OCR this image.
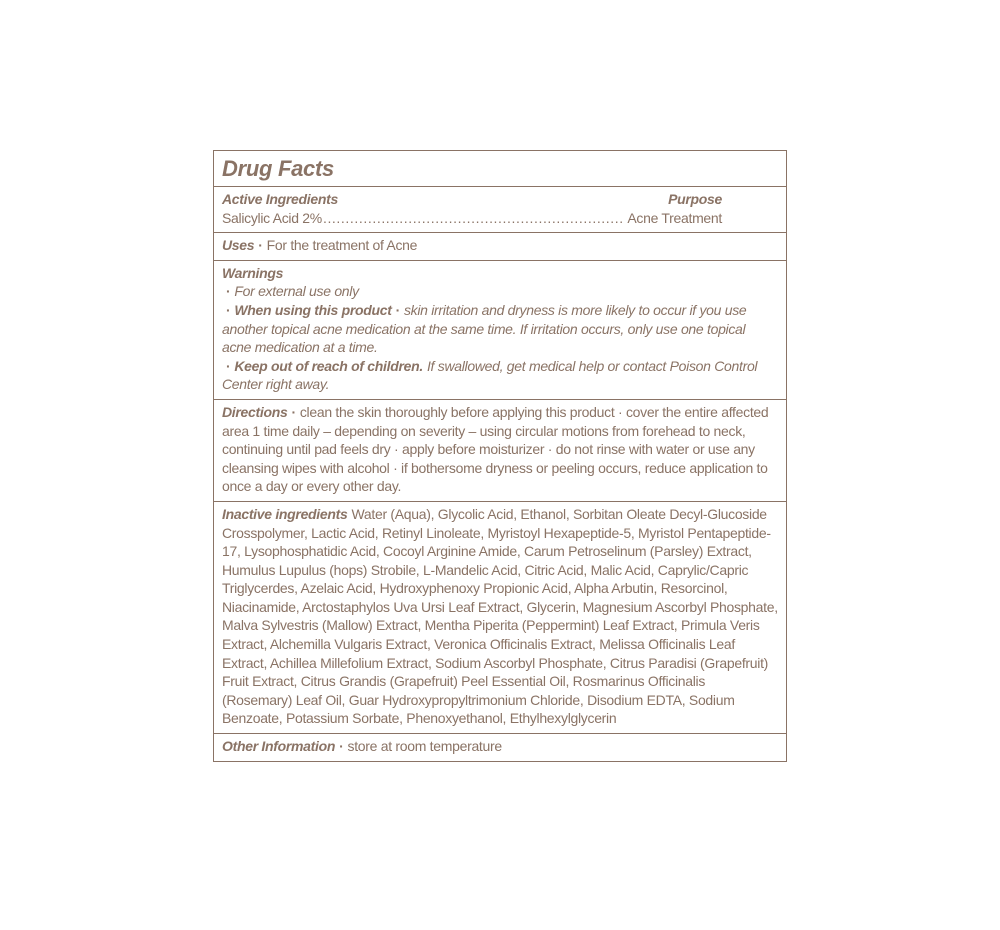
Drug Facts
Active Ingredients	Purpose
Salicylic Acid 2% .....	Acne Treatment
Uses · For the treatment of Acne
Warnings

· For external use only

· When using this product · skin irritation and dryness is more likely to occur if you use another topical acne medication at the same time. If irritation occurs, only use one topical acne medication at a time.

· Keep out of reach of children. If swallowed, get medical help or contact Poison Control Center right away.

Directions · clean the skin thoroughly before applying this product · cover the entire affected area 1 time daily – depending on severity – using circular motions from forehead to neck, continuing until pad feels dry · apply before moisturizer · do not rinse with water or use any cleansing wipes with alcohol · if bothersome dryness or peeling occurs, reduce application to once a day or every other day.

Inactive ingredients Water (Aqua), Glycolic Acid, Ethanol, Sorbitan Oleate Decyl-Glucoside Crosspolymer, Lactic Acid, Retinyl Linoleate, Myristoyl Hexapeptide-5, Myristol Pentapeptide-17, Lysophosphatidic Acid, Cocoyl Arginine Amide, Carum Petroselinum (Parsley) Extract, Humulus Lupulus (hops) Strobile, L-Mandelic Acid, Citric Acid, Malic Acid, Caprylic/Capric Triglycerdes, Azelaic Acid, Hydroxyphenoxy Propionic Acid, Alpha Arbutin, Resorcinol, Niacinamide, Arctostaphylos Uva Ursi Leaf Extract, Glycerin, Magnesium Ascorbyl Phosphate, Malva Sylvestris (Mallow) Extract, Mentha Piperita (Peppermint) Leaf Extract, Primula Veris Extract, Alchemilla Vulgaris Extract, Veronica Officinalis Extract, Melissa Officinalis Leaf Extract, Achillea Millefolium Extract, Sodium Ascorbyl Phosphate, Citrus Paradisi (Grapefruit) Fruit Extract, Citrus Grandis (Grapefruit) Peel Essential Oil, Rosmarinus Officinalis (Rosemary) Leaf Oil, Guar Hydroxypropyltrimonium Chloride, Disodium EDTA, Sodium Benzoate, Potassium Sorbate, Phenoxyethanol, Ethylhexylglycerin

Other Information · store at room temperature
